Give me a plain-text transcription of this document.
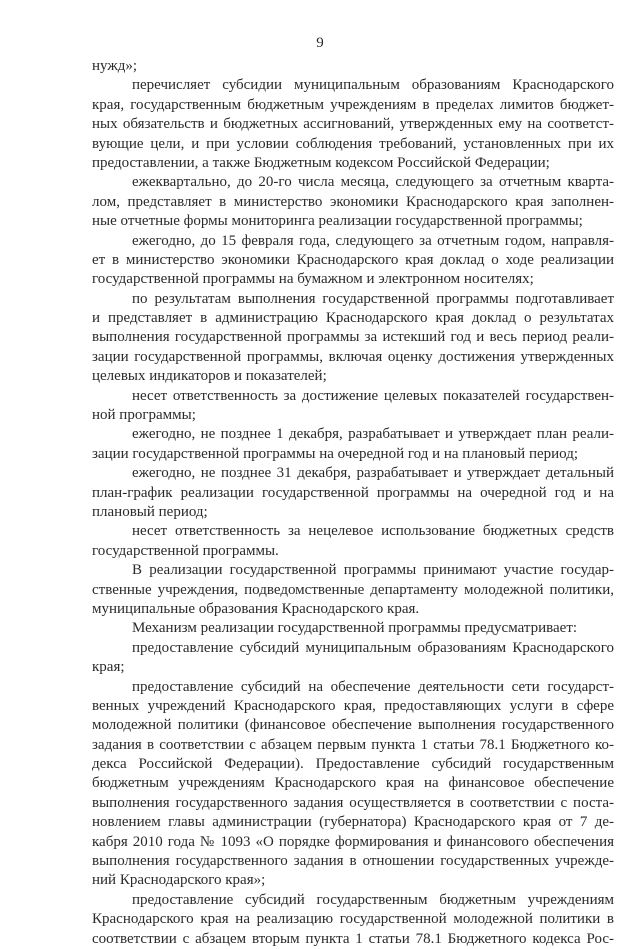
9
нужд»;
перечисляет субсидии муниципальным образованиям Краснодарского
края, государственным бюджетным учреждениям в пределах лимитов бюджет-
ных обязательств и бюджетных ассигнований, утвержденных ему на соответст-
вующие цели, и при условии соблюдения требований, установленных при их
предоставлении, а также Бюджетным кодексом Российской Федерации;
ежеквартально, до 20-го числа месяца, следующего за отчетным кварта-
лом, представляет в министерство экономики Краснодарского края заполнен-
ные отчетные формы мониторинга реализации государственной программы;
ежегодно, до 15 февраля года, следующего за отчетным годом, направля-
ет в министерство экономики Краснодарского края доклад о ходе реализации
государственной программы на бумажном и электронном носителях;
по результатам выполнения государственной программы подготавливает
и представляет в администрацию Краснодарского края доклад о результатах
выполнения государственной программы за истекший год и весь период реали-
зации государственной программы, включая оценку достижения утвержденных
целевых индикаторов и показателей;
несет ответственность за достижение целевых показателей государствен-
ной программы;
ежегодно, не позднее 1 декабря, разрабатывает и утверждает план реали-
зации государственной программы на очередной год и на плановый период;
ежегодно, не позднее 31 декабря, разрабатывает и утверждает детальный
план-график реализации государственной программы на очередной год и на
плановый период;
несет ответственность за нецелевое использование бюджетных средств
государственной программы.
В реализации государственной программы принимают участие государ-
ственные учреждения, подведомственные департаменту молодежной политики,
муниципальные образования Краснодарского края.
Механизм реализации государственной программы предусматривает:
предоставление субсидий муниципальным образованиям Краснодарского
края;
предоставление субсидий на обеспечение деятельности сети государст-
венных учреждений Краснодарского края, предоставляющих услуги в сфере
молодежной политики (финансовое обеспечение выполнения государственного
задания в соответствии с абзацем первым пункта 1 статьи 78.1 Бюджетного ко-
декса Российской Федерации). Предоставление субсидий государственным
бюджетным учреждениям Краснодарского края на финансовое обеспечение
выполнения государственного задания осуществляется в соответствии с поста-
новлением главы администрации (губернатора) Краснодарского края от 7 де-
кабря 2010 года № 1093 «О порядке формирования и финансового обеспечения
выполнения государственного задания в отношении государственных учрежде-
ний Краснодарского края»;
предоставление субсидий государственным бюджетным учреждениям
Краснодарского края на реализацию государственной молодежной политики в
соответствии с абзацем вторым пункта 1 статьи 78.1 Бюджетного кодекса Рос-
